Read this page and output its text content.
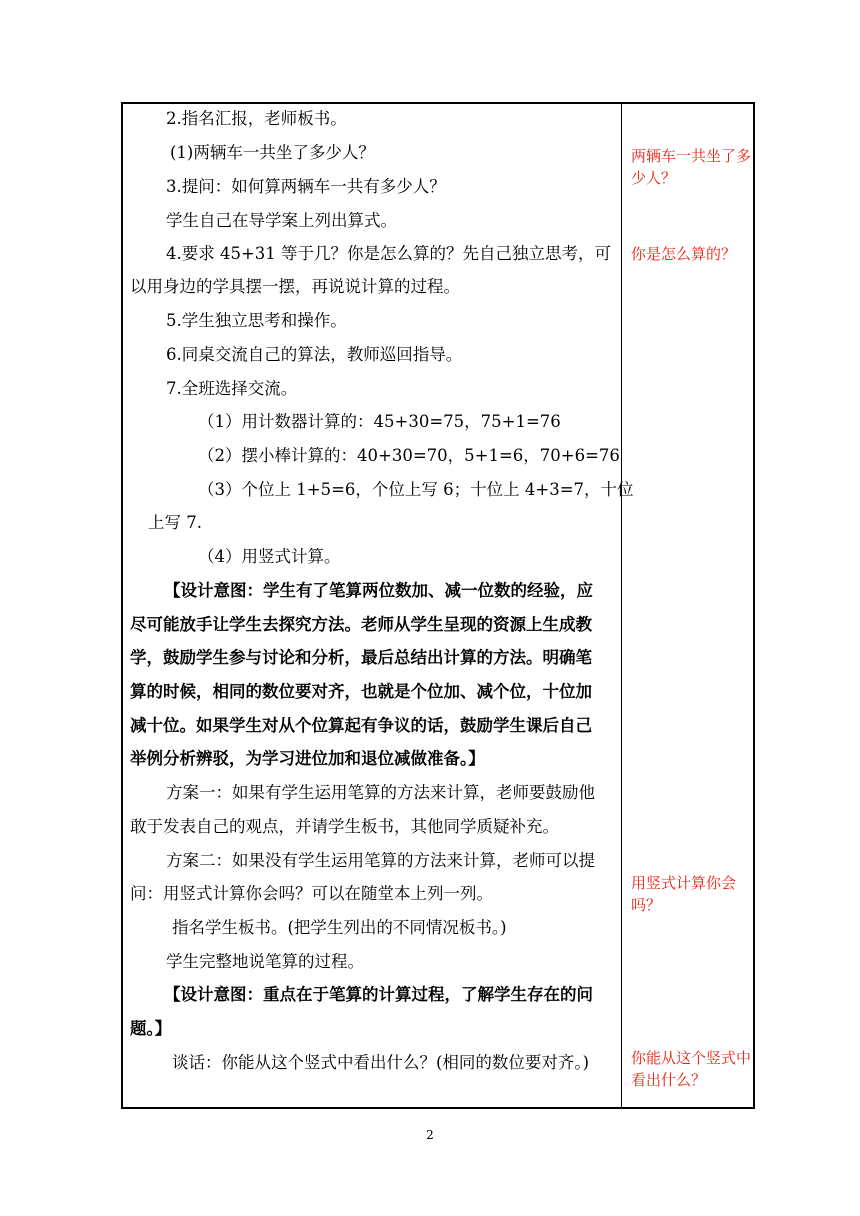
2.指名汇报，老师板书。
(1)两辆车一共坐了多少人？
3.提问：如何算两辆车一共有多少人？
学生自己在导学案上列出算式。
4.要求 45+31 等于几？你是怎么算的？先自己独立思考，可
以用身边的学具摆一摆，再说说计算的过程。
5.学生独立思考和操作。
6.同桌交流自己的算法，教师巡回指导。
7.全班选择交流。
（1）用计数器计算的：45+30=75，75+1=76
（2）摆小棒计算的：40+30=70，5+1=6，70+6=76
（3）个位上 1+5=6，个位上写 6；十位上 4+3=7，十位
上写 7.
（4）用竖式计算。
【设计意图：学生有了笔算两位数加、减一位数的经验，应
尽可能放手让学生去探究方法。老师从学生呈现的资源上生成教
学，鼓励学生参与讨论和分析，最后总结出计算的方法。明确笔
算的时候，相同的数位要对齐，也就是个位加、减个位，十位加
减十位。如果学生对从个位算起有争议的话，鼓励学生课后自己
举例分析辨驳，为学习进位加和退位减做准备。】
方案一：如果有学生运用笔算的方法来计算，老师要鼓励他
敢于发表自己的观点，并请学生板书，其他同学质疑补充。
方案二：如果没有学生运用笔算的方法来计算，老师可以提
问：用竖式计算你会吗？可以在随堂本上列一列。
指名学生板书。(把学生列出的不同情况板书。)
学生完整地说笔算的过程。
【设计意图：重点在于笔算的计算过程，了解学生存在的问
题。】
谈话：你能从这个竖式中看出什么？(相同的数位要对齐。)
两辆车一共坐了多少人？
你是怎么算的？
用竖式计算你会吗？
你能从这个竖式中看出什么？
2
